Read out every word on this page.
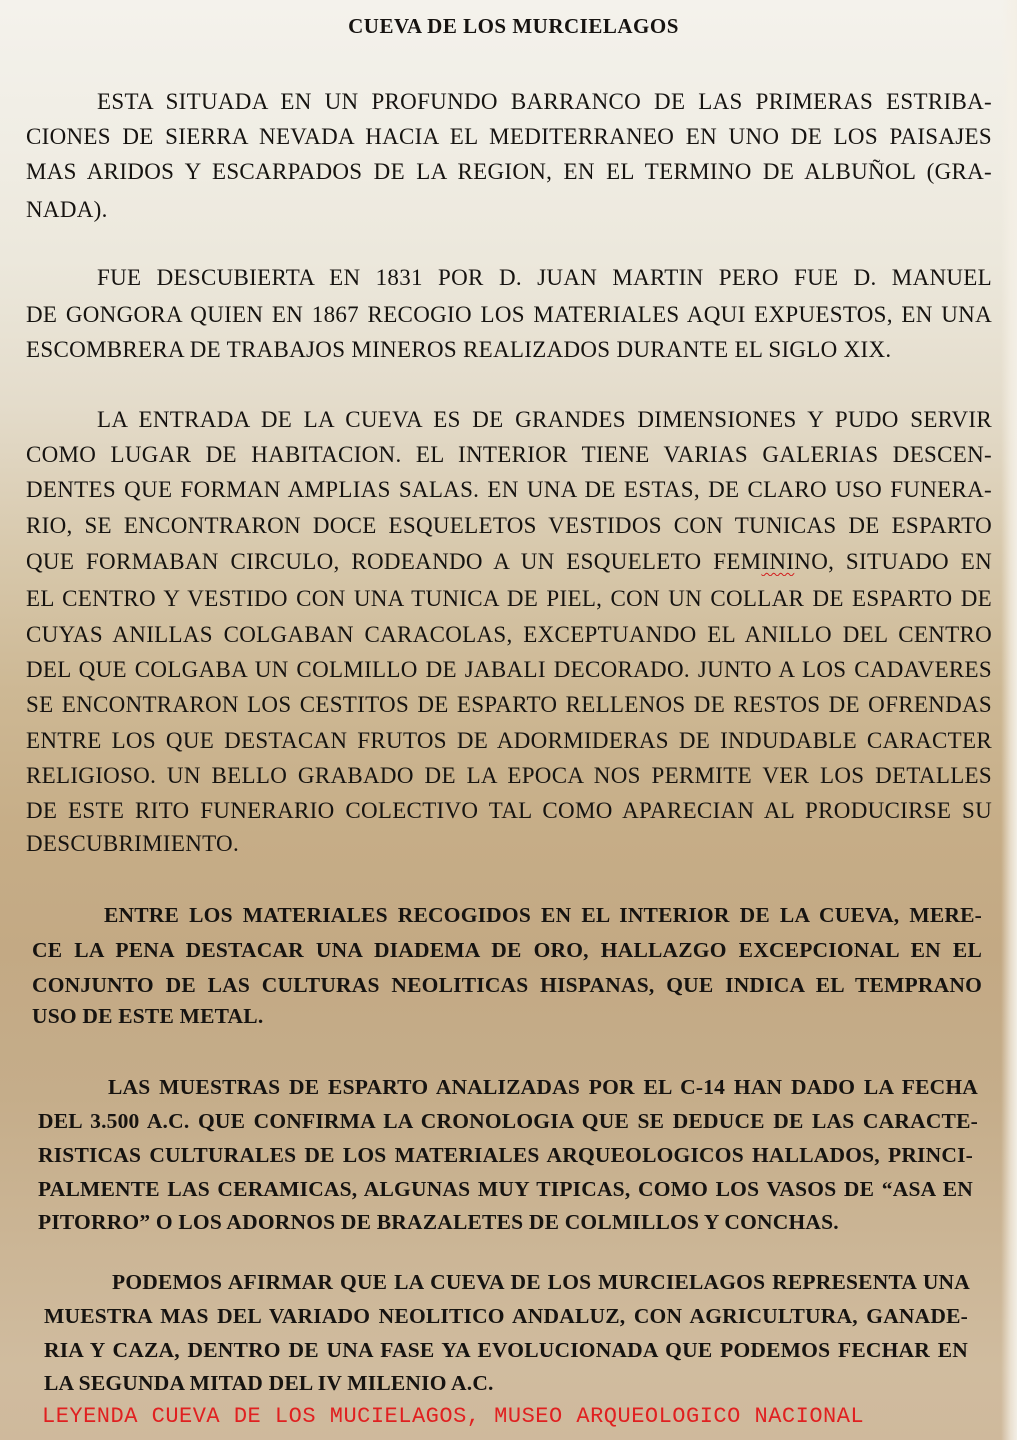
CUEVA DE LOS MURCIELAGOS
ESTA SITUADA EN UN PROFUNDO BARRANCO DE LAS PRIMERAS ESTRIBA-
CIONES DE SIERRA NEVADA HACIA EL MEDITERRANEO EN UNO DE LOS PAISAJES
MAS ARIDOS Y ESCARPADOS DE LA REGION, EN EL TERMINO DE ALBUÑOL (GRA-
NADA).
FUE DESCUBIERTA EN 1831 POR D. JUAN MARTIN PERO FUE D. MANUEL
DE GONGORA QUIEN EN 1867 RECOGIO LOS MATERIALES AQUI EXPUESTOS, EN UNA
ESCOMBRERA DE TRABAJOS MINEROS REALIZADOS DURANTE EL SIGLO XIX.
LA ENTRADA DE LA CUEVA ES DE GRANDES DIMENSIONES Y PUDO SERVIR
COMO LUGAR DE HABITACION. EL INTERIOR TIENE VARIAS GALERIAS DESCEN-
DENTES QUE FORMAN AMPLIAS SALAS. EN UNA DE ESTAS, DE CLARO USO FUNERA-
RIO, SE ENCONTRARON DOCE ESQUELETOS VESTIDOS CON TUNICAS DE ESPARTO
QUE FORMABAN CIRCULO, RODEANDO A UN ESQUELETO FEMININO, SITUADO EN
EL CENTRO Y VESTIDO CON UNA TUNICA DE PIEL, CON UN COLLAR DE ESPARTO DE
CUYAS ANILLAS COLGABAN CARACOLAS, EXCEPTUANDO EL ANILLO DEL CENTRO
DEL QUE COLGABA UN COLMILLO DE JABALI DECORADO. JUNTO A LOS CADAVERES
SE ENCONTRARON LOS CESTITOS DE ESPARTO RELLENOS DE RESTOS DE OFRENDAS
ENTRE LOS QUE DESTACAN FRUTOS DE ADORMIDERAS DE INDUDABLE CARACTER
RELIGIOSO. UN BELLO GRABADO DE LA EPOCA NOS PERMITE VER LOS DETALLES
DE ESTE RITO FUNERARIO COLECTIVO TAL COMO APARECIAN AL PRODUCIRSE SU
DESCUBRIMIENTO.
ENTRE LOS MATERIALES RECOGIDOS EN EL INTERIOR DE LA CUEVA, MERE-
CE LA PENA DESTACAR UNA DIADEMA DE ORO, HALLAZGO EXCEPCIONAL EN EL
CONJUNTO DE LAS CULTURAS NEOLITICAS HISPANAS, QUE INDICA EL TEMPRANO
USO DE ESTE METAL.
LAS MUESTRAS DE ESPARTO ANALIZADAS POR EL C-14 HAN DADO LA FECHA
DEL 3.500 A.C. QUE CONFIRMA LA CRONOLOGIA QUE SE DEDUCE DE LAS CARACTE-
RISTICAS CULTURALES DE LOS MATERIALES ARQUEOLOGICOS HALLADOS, PRINCI-
PALMENTE LAS CERAMICAS, ALGUNAS MUY TIPICAS, COMO LOS VASOS DE “ASA EN
PITORRO” O LOS ADORNOS DE BRAZALETES DE COLMILLOS Y CONCHAS.
PODEMOS AFIRMAR QUE LA CUEVA DE LOS MURCIELAGOS REPRESENTA UNA
MUESTRA MAS DEL VARIADO NEOLITICO ANDALUZ, CON AGRICULTURA, GANADE-
RIA Y CAZA, DENTRO DE UNA FASE YA EVOLUCIONADA QUE PODEMOS FECHAR EN
LA SEGUNDA MITAD DEL IV MILENIO A.C.
LEYENDA CUEVA DE LOS MUCIELAGOS, MUSEO ARQUEOLOGICO NACIONAL
